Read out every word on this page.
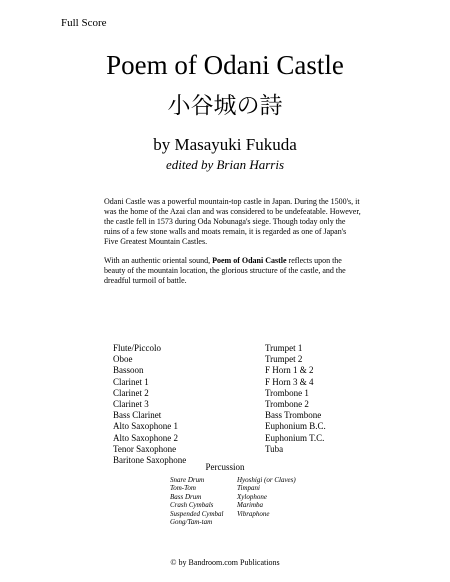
Full Score
Poem of Odani Castle
小谷城の詩
by Masayuki Fukuda
edited by Brian Harris

Odani Castle was a powerful mountain-top castle in Japan. During the 1500's, it was the home of the Azai clan and was considered to be undefeatable. However, the castle fell in 1573 during Oda Nobunaga's siege. Though today only the ruins of a few stone walls and moats remain, it is regarded as one of Japan's Five Greatest Mountain Castles.

With an authentic oriental sound, Poem of Odani Castle reflects upon the beauty of the mountain location, the glorious structure of the castle, and the dreadful turmoil of battle.

Flute/Piccolo
Oboe
Bassoon
Clarinet 1
Clarinet 2
Clarinet 3
Bass Clarinet
Alto Saxophone 1
Alto Saxophone 2
Tenor Saxophone
Baritone Saxophone
Trumpet 1
Trumpet 2
F Horn 1 & 2
F Horn 3 & 4
Trombone 1
Trombone 2
Bass Trombone
Euphonium B.C.
Euphonium T.C.
Tuba
Percussion
Snare Drum
Tom-Tom
Bass Drum
Crash Cymbals
Suspended Cymbal
Gong/Tam-tam
Hyoshigi (or Claves)
Timpani
Xylophone
Marimba
Vibraphone
© by Bandroom.com Publications
